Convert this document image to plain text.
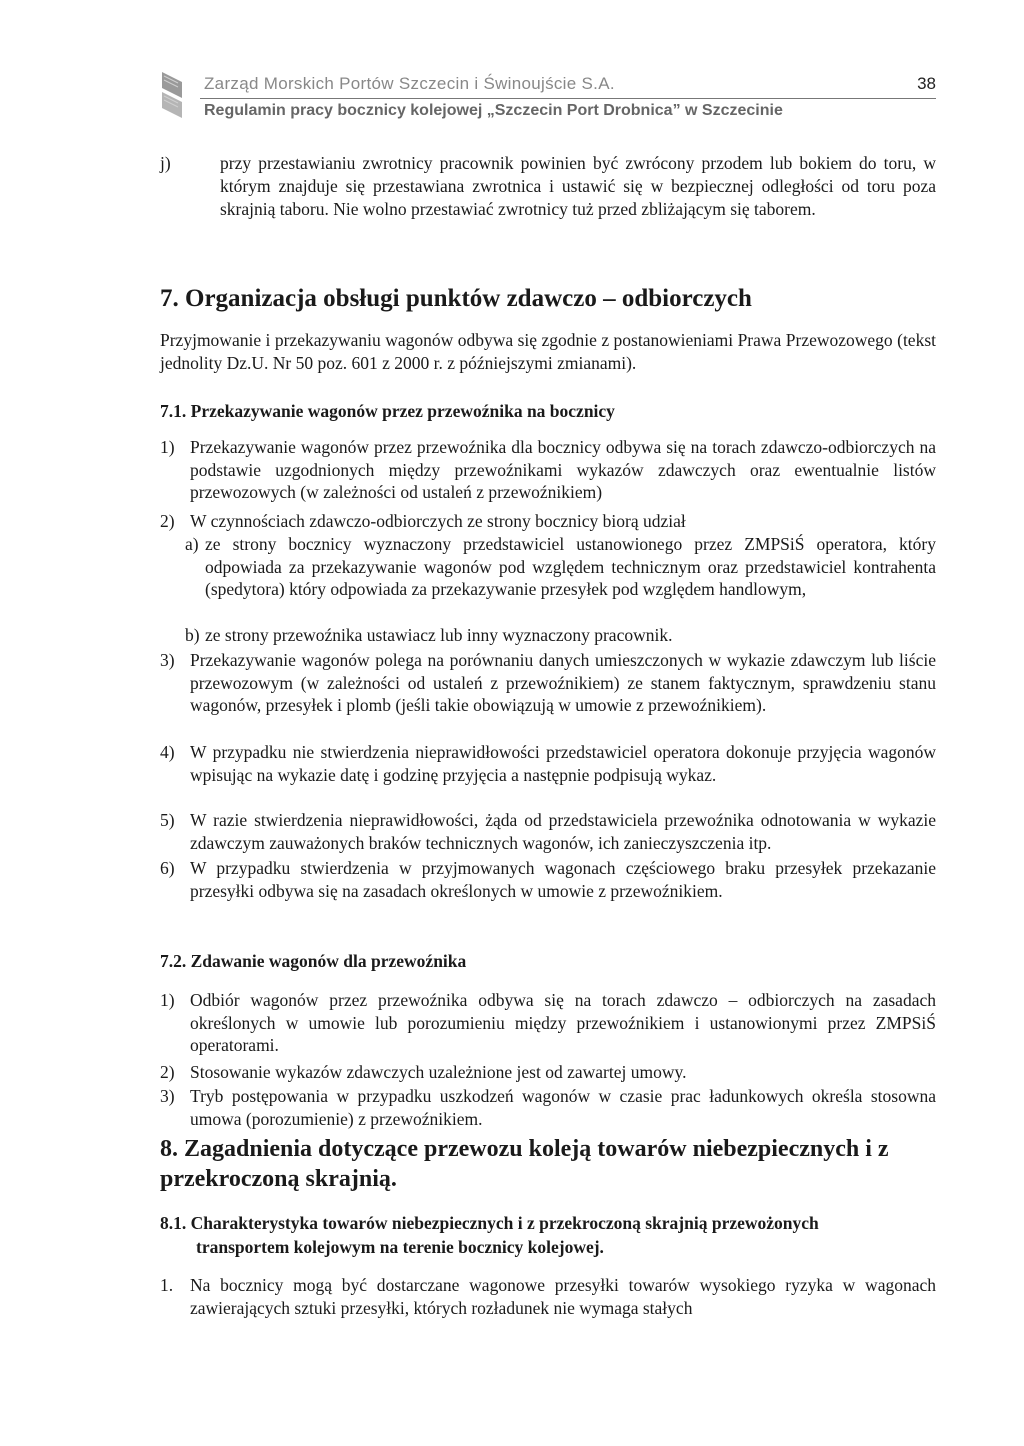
Zarząd Morskich Portów Szczecin i Świnoujście S.A.	38
Regulamin pracy bocznicy kolejowej „Szczecin Port Drobnica” w Szczecinie
j)	przy przestawianiu zwrotnicy pracownik powinien być zwrócony przodem lub bokiem do toru, w którym znajduje się przestawiana zwrotnica i ustawić się w bezpiecznej odległości od toru poza skrajnią taboru. Nie wolno przestawiać zwrotnicy tuż przed zbliżającym się taborem.
7. Organizacja obsługi punktów zdawczo – odbiorczych
Przyjmowanie i przekazywaniu wagonów odbywa się zgodnie z postanowieniami Prawa Przewozowego (tekst jednolity Dz.U. Nr 50 poz. 601 z 2000 r. z późniejszymi zmianami).
7.1. Przekazywanie wagonów przez przewoźnika na bocznicy
1) Przekazywanie wagonów przez przewoźnika dla bocznicy odbywa się na torach zdawczo-odbiorczych na podstawie uzgodnionych między przewoźnikami wykazów zdawczych oraz ewentualnie listów przewozowych (w zależności od ustaleń z przewoźnikiem)
2) W czynnościach zdawczo-odbiorczych ze strony bocznicy biorą udział
a) ze strony bocznicy wyznaczony przedstawiciel ustanowionego przez ZMPSiŚ operatora, który odpowiada za przekazywanie wagonów pod względem technicznym oraz przedstawiciel kontrahenta (spedytora) który odpowiada za przekazywanie przesyłek pod względem handlowym,
b) ze strony przewoźnika ustawiacz lub inny wyznaczony pracownik.
3) Przekazywanie wagonów polega na porównaniu danych umieszczonych w wykazie zdawczym lub liście przewozowym (w zależności od ustaleń z przewoźnikiem) ze stanem faktycznym, sprawdzeniu stanu wagonów, przesyłek i plomb (jeśli takie obowiązują w umowie z przewoźnikiem).
4) W przypadku nie stwierdzenia nieprawidłowości przedstawiciel operatora dokonuje przyjęcia wagonów wpisując na wykazie datę i godzinę przyjęcia a następnie podpisują wykaz.
5) W razie stwierdzenia nieprawidłowości, żąda od przedstawiciela przewoźnika odnotowania w wykazie zdawczym zauważonych braków technicznych wagonów, ich zanieczyszczenia itp.
6) W przypadku stwierdzenia w przyjmowanych wagonach częściowego braku przesyłek przekazanie przesyłki odbywa się na zasadach określonych w umowie z przewoźnikiem.
7.2. Zdawanie wagonów dla przewoźnika
1) Odbiór wagonów przez przewoźnika odbywa się na torach zdawczo – odbiorczych na zasadach określonych w umowie lub porozumieniu między przewoźnikiem i ustanowionymi przez ZMPSiŚ operatorami.
2) Stosowanie wykazów zdawczych uzależnione jest od zawartej umowy.
3) Tryb postępowania w przypadku uszkodzeń wagonów w czasie prac ładunkowych określa stosowna umowa (porozumienie) z przewoźnikiem.
8. Zagadnienia dotyczące przewozu koleją towarów niebezpiecznych i z
przekroczoną skrajnią.
8.1. Charakterystyka towarów niebezpiecznych i z przekroczoną skrajnią przewożonych
transportem kolejowym na terenie bocznicy kolejowej.
1. Na bocznicy mogą być dostarczane wagonowe przesyłki towarów wysokiego ryzyka w wagonach zawierających sztuki przesyłki, których rozładunek nie wymaga stałych
